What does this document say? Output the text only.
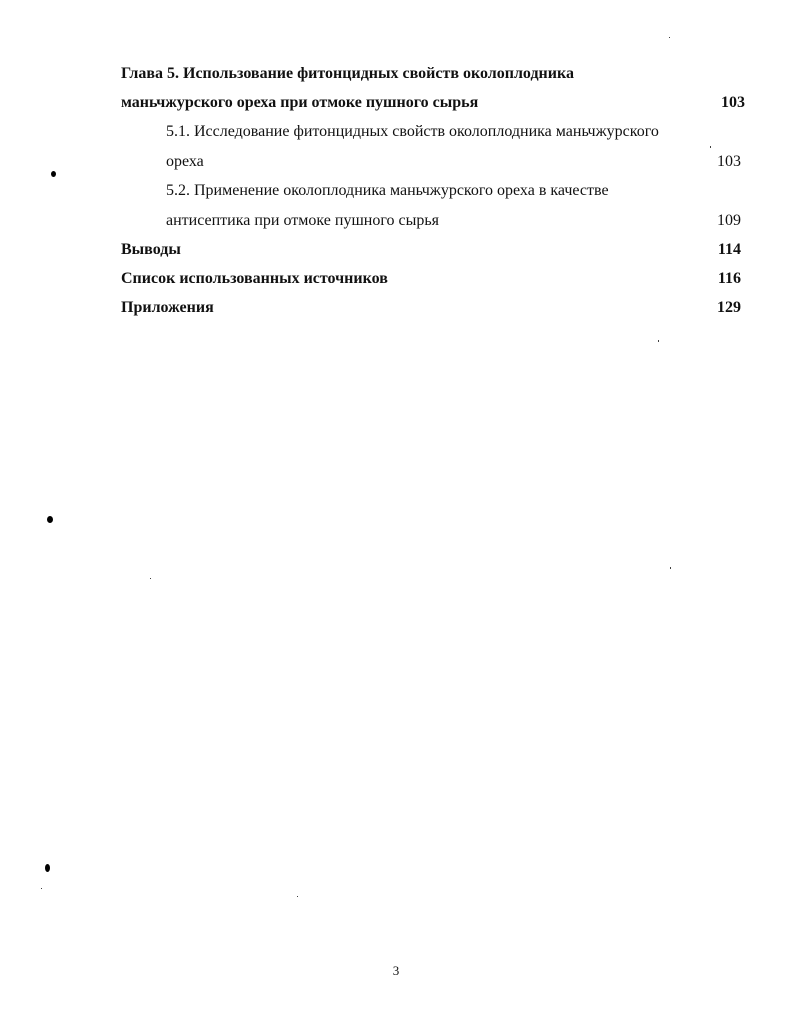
Глава 5. Использование фитонцидных свойств околоплодника
маньчжурского ореха при отмоке пушного сырья	103
5.1. Исследование фитонцидных свойств околоплодника маньчжурского
ореха	103
5.2. Применение околоплодника маньчжурского ореха в качестве
антисептика при отмоке пушного сырья	109
Выводы	114
Список использованных источников	116
Приложения	129
3
